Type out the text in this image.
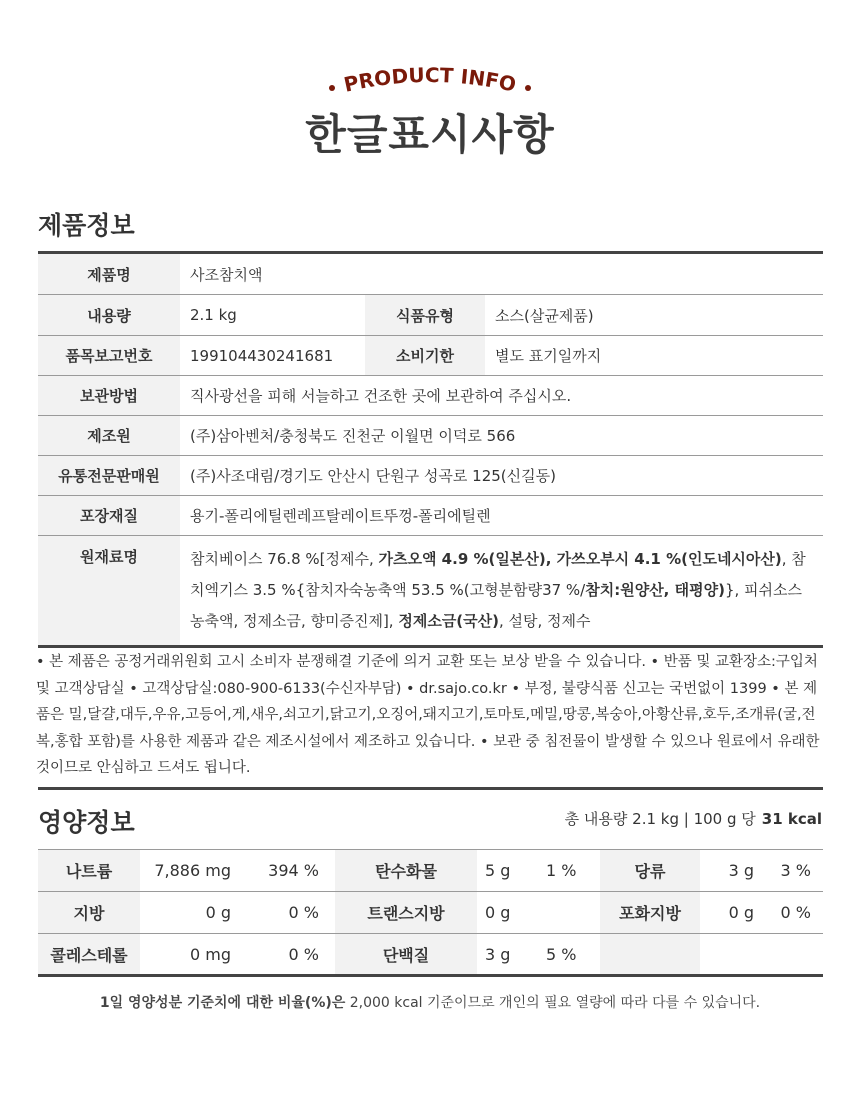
PRODUCT INFO
한글표시사항
제품정보
제품명	사조참치액		
내용량	2.1 kg	식품유형	소스(살균제품)
품목보고번호	199104430241681	소비기한	별도 표기일까지
보관방법	직사광선을 피해 서늘하고 건조한 곳에 보관하여 주십시오.		
제조원	(주)삼아벤처/충청북도 진천군 이월면 이덕로 566		
유통전문판매원	(주)사조대림/경기도 안산시 단원구 성곡로 125(신길동)		
포장재질	용기-폴리에틸렌레프탈레이트뚜껑-폴리에틸렌		
원재료명	참치베이스 76.8 %[정제수, 가츠오액 4.9 %(일본산), 가쓰오부시 4.1 %(인도네시아산), 참치엑기스 3.5 %{참치자숙농축액 53.5 %(고형분함량37 %/참치:원양산, 태평양)}, 피쉬소스농축액, 정제소금, 향미증진제], 정제소금(국산), 설탕, 정제수		
• 본 제품은 공정거래위원회 고시 소비자 분쟁해결 기준에 의거 교환 또는 보상 받을 수 있습니다. • 반품 및 교환장소:구입처 및 고객상담실 • 고객상담실:080-900-6133(수신자부담) • dr.sajo.co.kr • 부정, 불량식품 신고는 국번없이 1399 • 본 제품은 밀,달걀,대두,우유,고등어,게,새우,쇠고기,닭고기,오징어,돼지고기,토마토,메밀,땅콩,복숭아,아황산류,호두,조개류(굴,전복,홍합 포함)를 사용한 제품과 같은 제조시설에서 제조하고 있습니다. • 보관 중 침전물이 발생할 수 있으나 원료에서 유래한 것이므로 안심하고 드셔도 됩니다.
영양정보	총 내용량 2.1 kg | 100 g 당 31 kcal
나트륨	7,886 mg	394 %	탄수화물	5 g	1 %	당류	3 g	3 %
지방	0 g	0 %	트랜스지방	0 g		포화지방	0 g	0 %
콜레스테롤	0 mg	0 %	단백질	3 g	5 %			
1일 영양성분 기준치에 대한 비율(%)은 2,000 kcal 기준이므로 개인의 필요 열량에 따라 다를 수 있습니다.
